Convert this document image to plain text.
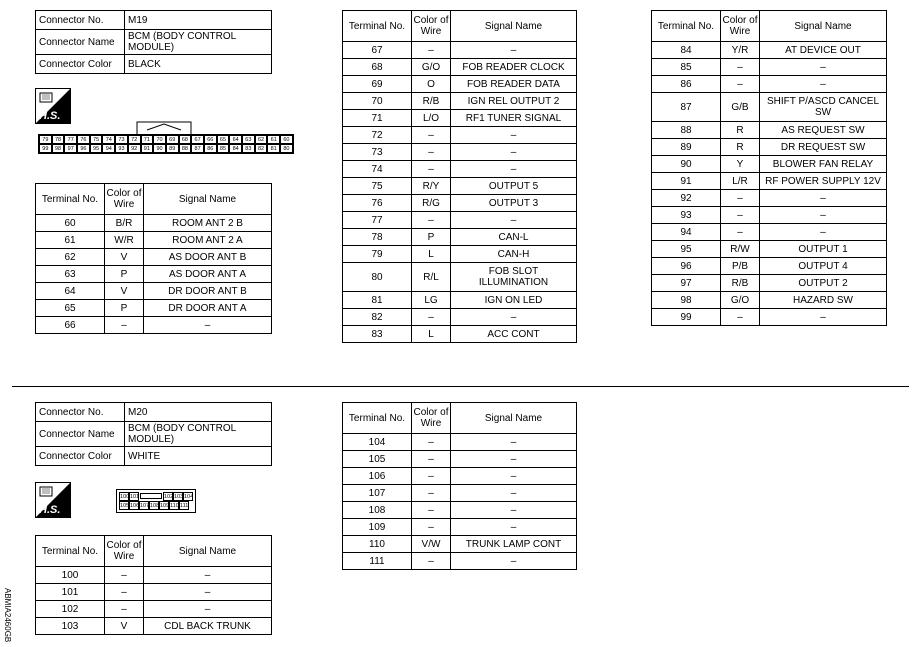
Connector No.	M19
Connector Name	BCM (BODY CONTROL MODULE)
Connector Color	BLACK
H.S.
79	78	77	76	75	74	73	72	71	70	69	68	67	66	65	64	63	62	61	60
99	98	97	96	95	94	93	92	91	90	89	88	87	86	85	84	83	82	81	80
Terminal No.	Color of Wire	Signal Name
60	B/R	ROOM ANT 2 B
61	W/R	ROOM ANT 2 A
62	V	AS DOOR ANT B
63	P	AS DOOR ANT A
64	V	DR DOOR ANT B
65	P	DR DOOR ANT A
66	–	–
Terminal No.	Color of Wire	Signal Name
67	–	–
68	G/O	FOB READER CLOCK
69	O	FOB READER DATA
70	R/B	IGN REL OUTPUT 2
71	L/O	RF1 TUNER SIGNAL
72	–	–
73	–	–
74	–	–
75	R/Y	OUTPUT 5
76	R/G	OUTPUT 3
77	–	–
78	P	CAN-L
79	L	CAN-H
80	R/L	FOB SLOT ILLUMINATION
81	LG	IGN ON LED
82	–	–
83	L	ACC CONT
Terminal No.	Color of Wire	Signal Name
84	Y/R	AT DEVICE OUT
85	–	–
86	–	–
87	G/B	SHIFT P/ASCD CANCEL SW
88	R	AS REQUEST SW
89	R	DR REQUEST SW
90	Y	BLOWER FAN RELAY
91	L/R	RF POWER SUPPLY 12V
92	–	–
93	–	–
94	–	–
95	R/W	OUTPUT 1
96	P/B	OUTPUT 4
97	R/B	OUTPUT 2
98	G/O	HAZARD SW
99	–	–
Connector No.	M20
Connector Name	BCM (BODY CONTROL MODULE)
Connector Color	WHITE
H.S.
100 101	102 103 104
105 106 107 108 109 110 111
Terminal No.	Color of Wire	Signal Name
100	–	–
101	–	–
102	–	–
103	V	CDL BACK TRUNK
Terminal No.	Color of Wire	Signal Name
104	–	–
105	–	–
106	–	–
107	–	–
108	–	–
109	–	–
110	V/W	TRUNK LAMP CONT
111	–	–
ABMIA2460GB
